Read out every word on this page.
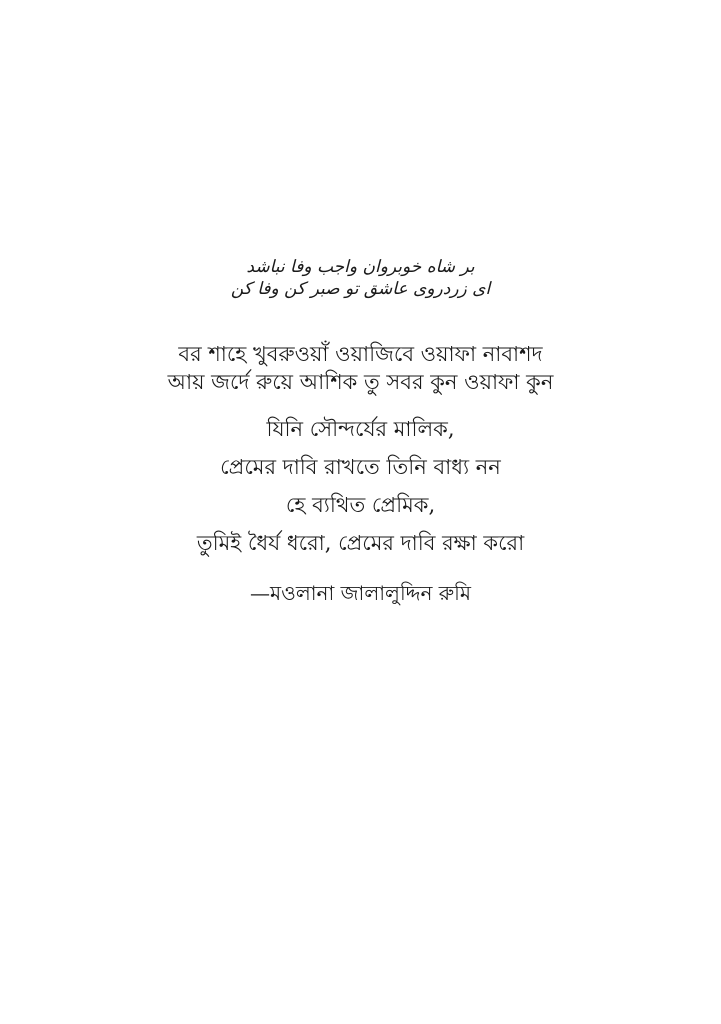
بر شاه خوبروان واجب وفا نباشد
ای زردروی عاشق تو صبر کن وفا کن
বর শাহে খুবরুওয়াঁ ওয়াজিবে ওয়াফা নাবাশদ
আয় জর্দে রুয়ে আশিক তু সবর কুন ওয়াফা কুন
যিনি সৌন্দর্যের মালিক,
প্রেমের দাবি রাখতে তিনি বাধ্য নন
হে ব্যথিত প্রেমিক,
তুমিই ধৈর্য ধরো, প্রেমের দাবি রক্ষা করো
—মওলানা জালালুদ্দিন রুমি
